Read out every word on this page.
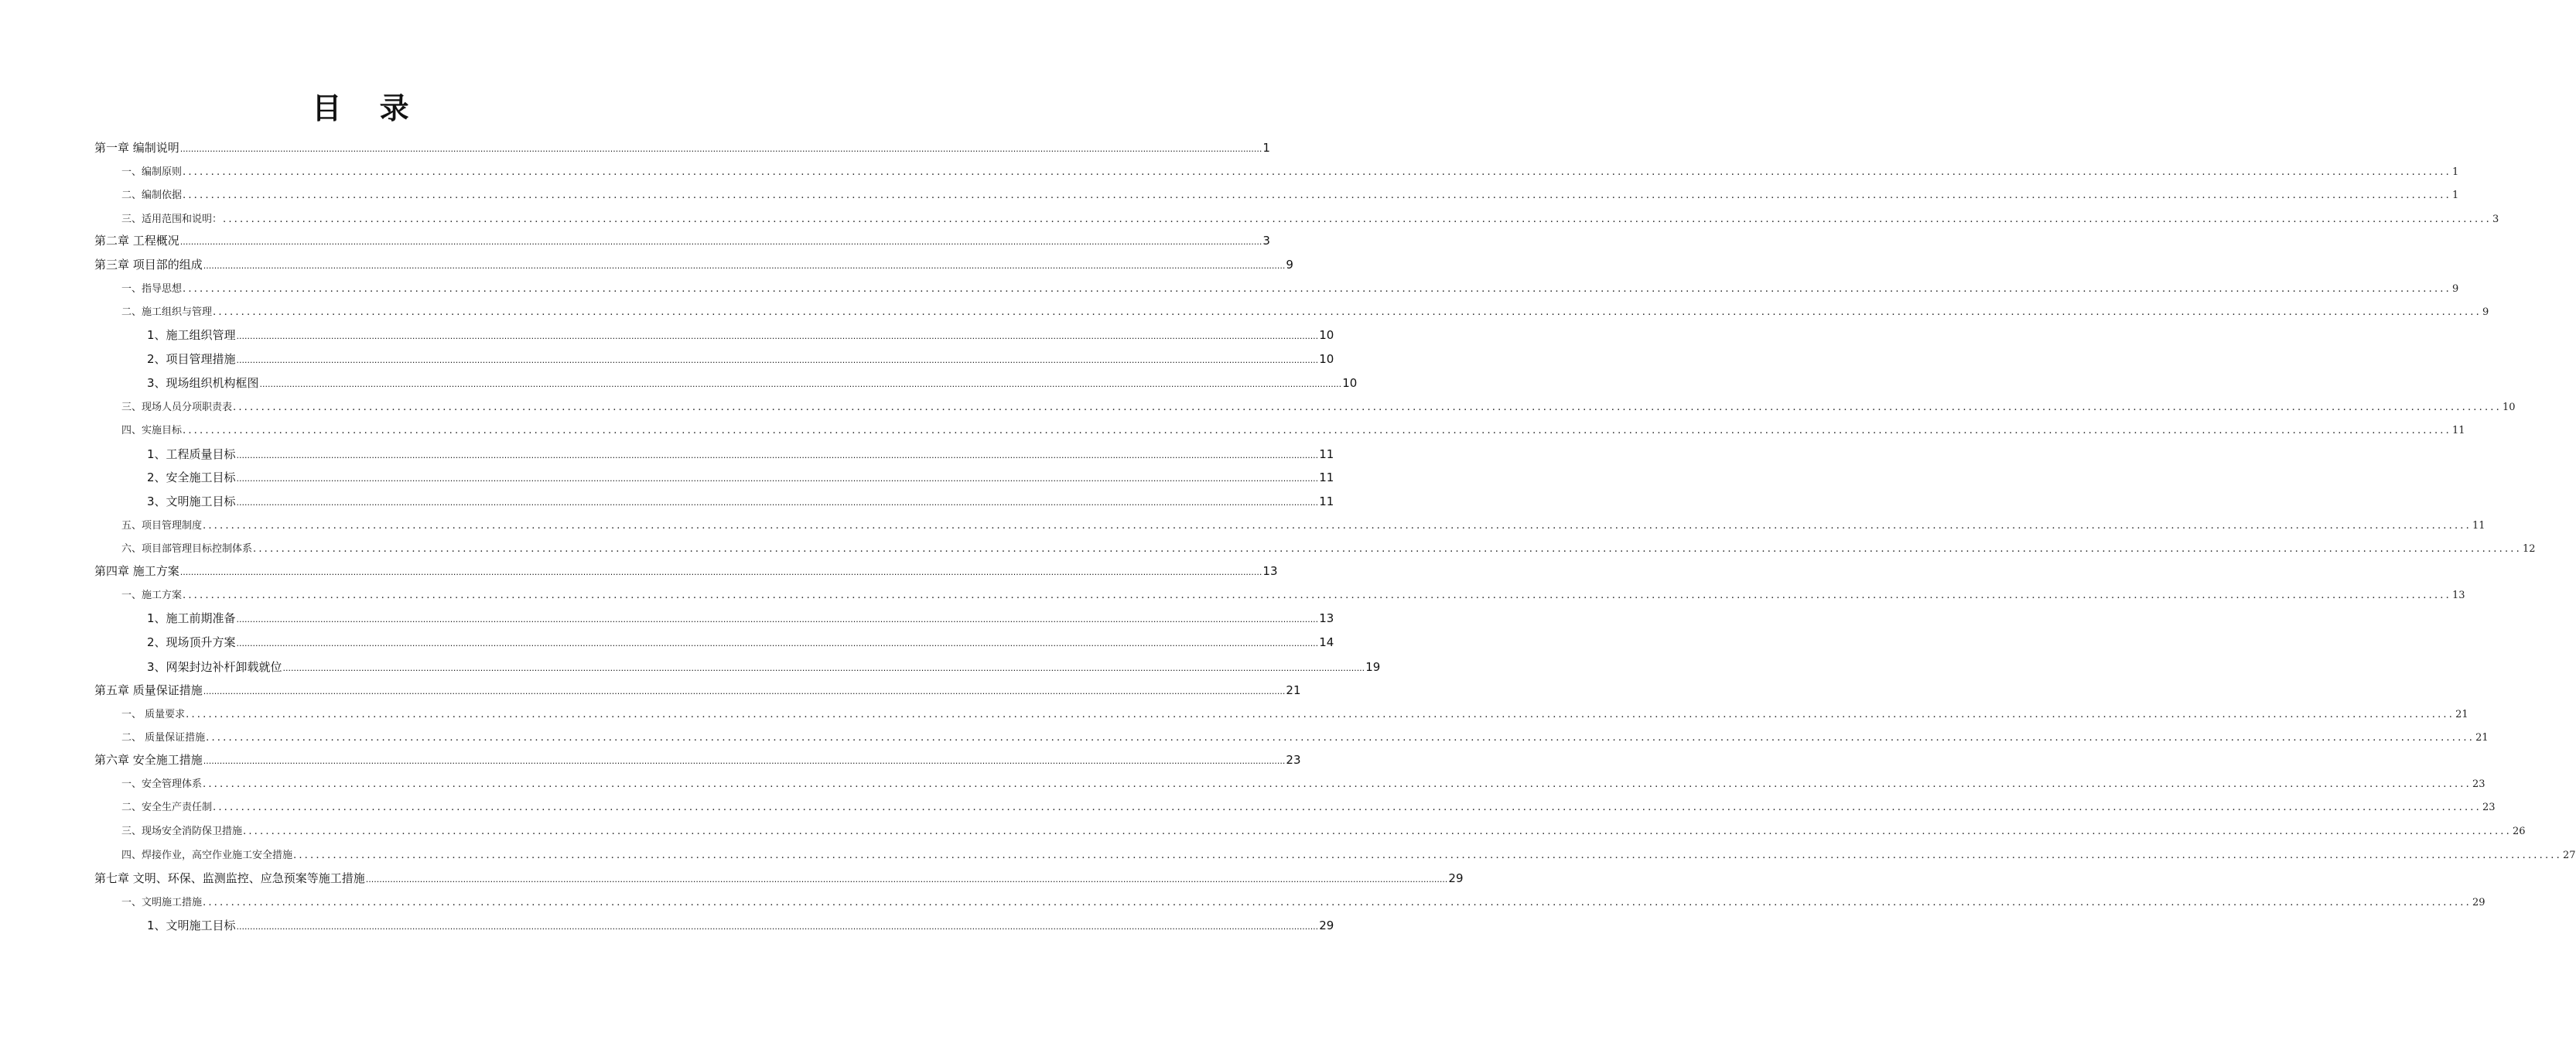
目 录
第一章 编制说明 ................................................................................................................................................................................................................................................................................................................................................................................................................ 1
一、编制原则 ................................................................................................................................................................................................................................................................................................................................................................................................................ 1
二、编制依据 ................................................................................................................................................................................................................................................................................................................................................................................................................ 1
三、适用范围和说明： ................................................................................................................................................................................................................................................................................................................................................................................................................ 3
第二章 工程概况 ................................................................................................................................................................................................................................................................................................................................................................................................................ 3
第三章 项目部的组成 ................................................................................................................................................................................................................................................................................................................................................................................................................ 9
一、指导思想 ................................................................................................................................................................................................................................................................................................................................................................................................................ 9
二、施工组织与管理 ................................................................................................................................................................................................................................................................................................................................................................................................................ 9
1、施工组织管理 ................................................................................................................................................................................................................................................................................................................................................................................................................ 10
2、项目管理措施 ................................................................................................................................................................................................................................................................................................................................................................................................................ 10
3、现场组织机构框图 ................................................................................................................................................................................................................................................................................................................................................................................................................ 10
三、现场人员分项职责表 ................................................................................................................................................................................................................................................................................................................................................................................................................ 10
四、实施目标 ................................................................................................................................................................................................................................................................................................................................................................................................................ 11
1、工程质量目标 ................................................................................................................................................................................................................................................................................................................................................................................................................ 11
2、安全施工目标 ................................................................................................................................................................................................................................................................................................................................................................................................................ 11
3、文明施工目标 ................................................................................................................................................................................................................................................................................................................................................................................................................ 11
五、项目管理制度 ................................................................................................................................................................................................................................................................................................................................................................................................................ 11
六、项目部管理目标控制体系 ................................................................................................................................................................................................................................................................................................................................................................................................................ 12
第四章 施工方案 ................................................................................................................................................................................................................................................................................................................................................................................................................ 13
一、施工方案 ................................................................................................................................................................................................................................................................................................................................................................................................................ 13
1、施工前期准备 ................................................................................................................................................................................................................................................................................................................................................................................................................ 13
2、现场顶升方案 ................................................................................................................................................................................................................................................................................................................................................................................................................ 14
3、网架封边补杆卸载就位 ................................................................................................................................................................................................................................................................................................................................................................................................................ 19
第五章 质量保证措施 ................................................................................................................................................................................................................................................................................................................................................................................................................ 21
一、 质量要求 ................................................................................................................................................................................................................................................................................................................................................................................................................ 21
二、 质量保证措施 ................................................................................................................................................................................................................................................................................................................................................................................................................ 21
第六章 安全施工措施 ................................................................................................................................................................................................................................................................................................................................................................................................................ 23
一、安全管理体系 ................................................................................................................................................................................................................................................................................................................................................................................................................ 23
二、安全生产责任制 ................................................................................................................................................................................................................................................................................................................................................................................................................ 23
三、现场安全消防保卫措施 ................................................................................................................................................................................................................................................................................................................................................................................................................ 26
四、焊接作业，高空作业施工安全措施 ................................................................................................................................................................................................................................................................................................................................................................................................................ 27
第七章 文明、环保、监测监控、应急预案等施工措施 ................................................................................................................................................................................................................................................................................................................................................................................................................ 29
一、文明施工措施 ................................................................................................................................................................................................................................................................................................................................................................................................................ 29
1、文明施工目标 ................................................................................................................................................................................................................................................................................................................................................................................................................ 29
